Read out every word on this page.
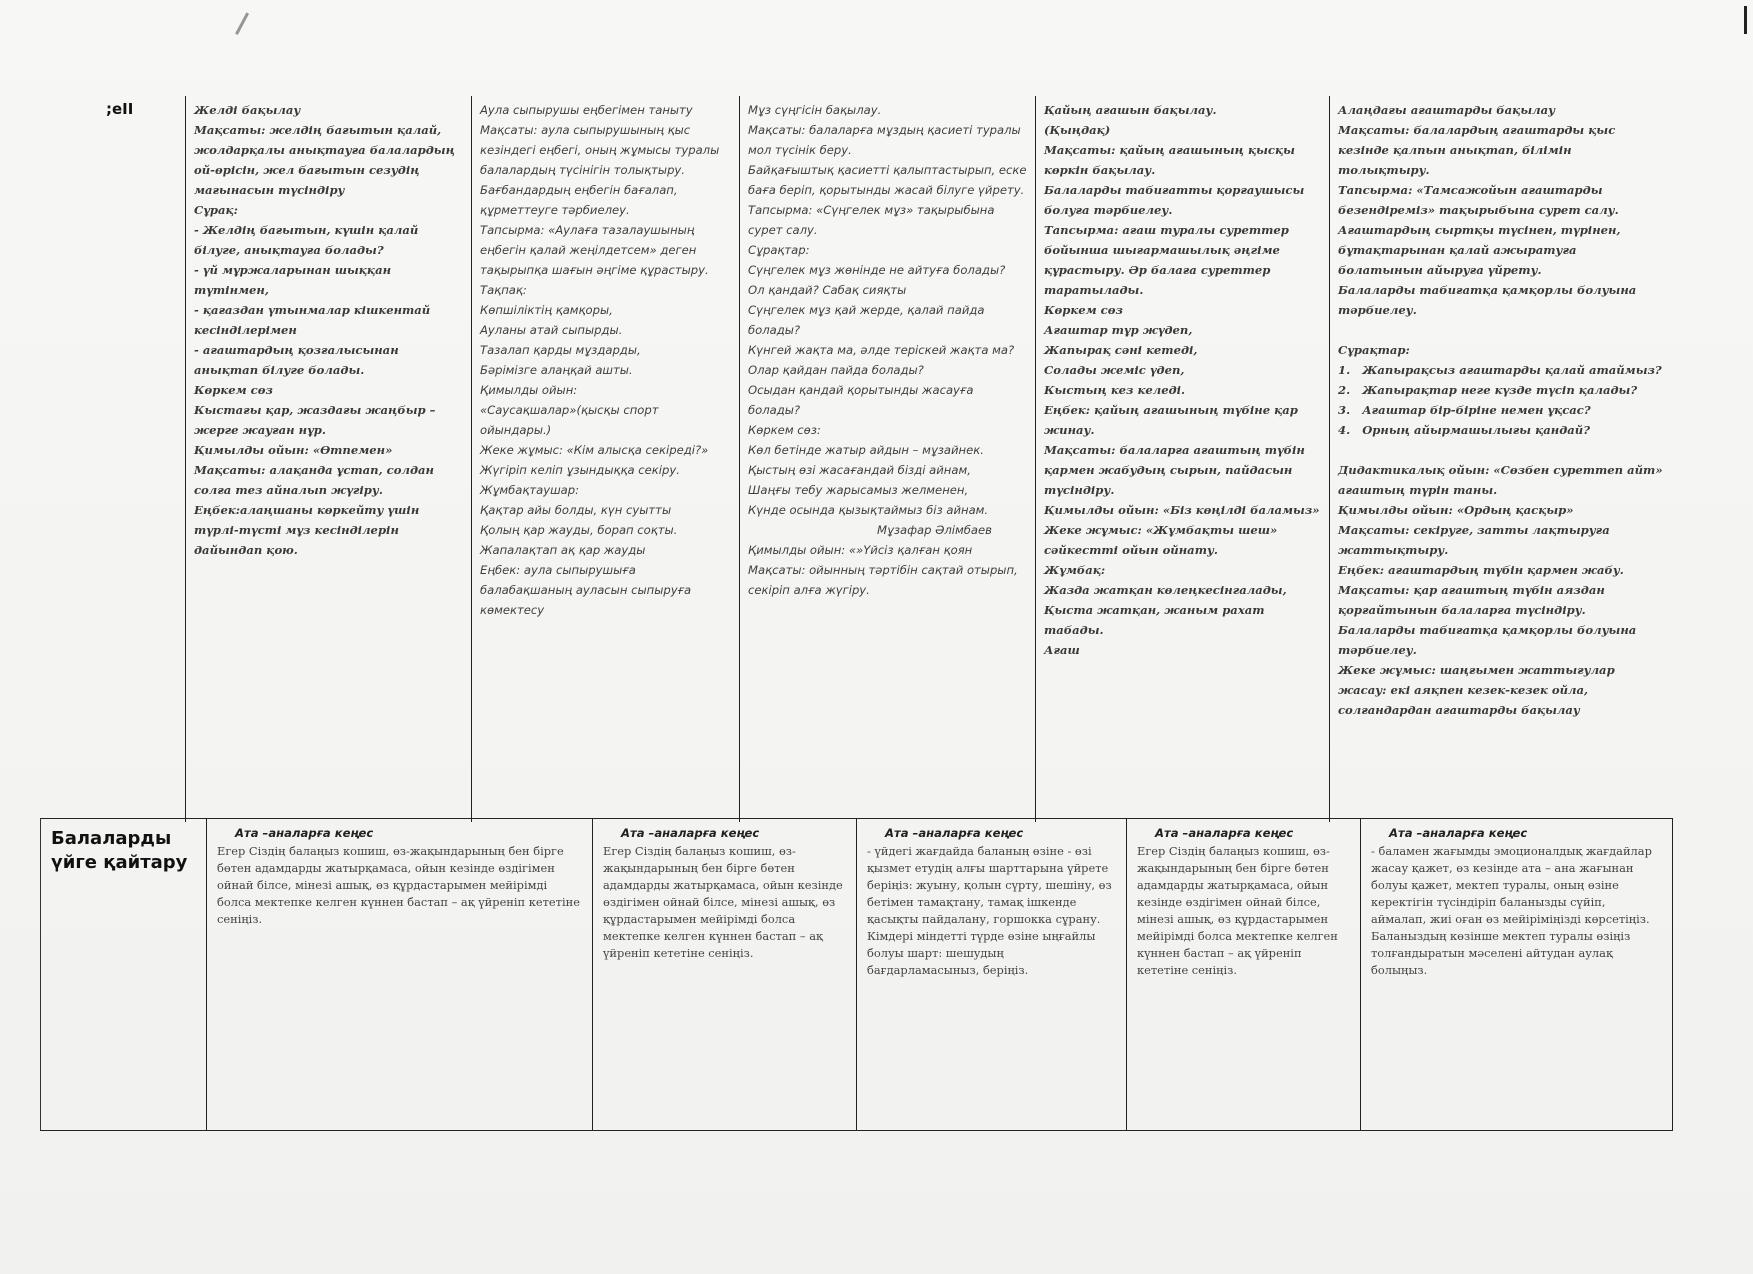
;eII	Желді бақылау
Мақсаты: желдің бағытын қалай, жолдарқалы анықтауға балалардың ой-өрісін, жел бағытын сезудің мағынасын түсіндіру
Сұрақ:
- Желдің бағытын, күшін қалай білуге, анықтауға болады?
- үй мұржаларынан шыққан түтінмен,
- қағаздан үтынмалар кішкентай кесінділерімен
- ағаштардың қозғалысынан анықтап білуге болады.
Көркем сөз
Кыстағы қар, жаздағы жаңбыр – жерге жауған нұр.
Қимылды ойын: «Өтпемен»
Мақсаты: алақанда ұстап, солдан солға тез айналып жүгіру.
Еңбек:алаңшаны көркейту үшін түрлі-түсті мұз кесінділерін дайындап қою.
Аула сыпырушы еңбегімен таныту
Мақсаты: аула сыпырушының қыс кезіндегі еңбегі, оның жұмысы туралы балалардың түсінігін толықтыру. Бағбандардың еңбегін бағалап, құрметтеуге тәрбиелеу.
Тапсырма: «Аулаға тазалаушының еңбегін қалай жеңілдетсем» деген тақырыпқа шағын әңгіме құрастыру.
Тақпақ:
Көпшіліктің қамқоры,
Ауланы атай сыпырды.
Тазалап қарды мұздарды,
Бәрімізге алаңқай ашты.
Қимылды ойын:
«Саусақшалар»(қысқы спорт ойындары.)
Жеке жұмыс: «Кім алысқа секіреді?» Жүгіріп келіп ұзындыққа секіру.
Жұмбақтаушар:
Қақтар айы болды, күн суытты
Қолың қар жауды, борап соқты.
Жапалақтап ақ қар жауды
Еңбек: аула сыпырушыға балабақшаның ауласын сыпыруға көмектесу
Мұз сүңгісін бақылау.
Мақсаты: балаларға мұздың қасиеті туралы мол түсінік беру.
Байқағыштық қасиетті қалыптастырып, еске бағa беріп, қорытынды жасай білуге үйрету.
Тапсырма: «Сүңгелек мұз» тақырыбына сурет салу.
Сұрақтар:
Сүңгелек мұз жөнінде не айтуға болады?
Ол қандай? Сабақ сияқты
Сүңгелек мұз қай жерде, қалай пайда болады?
Күнгей жақта ма, әлде теріскей жақта ма?
Олар қайдан пайда болады?
Осыдан қандай қорытынды жасауға болады?
Көркем сөз:
Көл бетінде жатыр айдын – мұзайнек.
Қыстың өзі жасағандай біздi айнам,
Шаңғы тебу жарысамыз желменен,
Күнде осында қызықтаймыз біз айнам.
Мұзафар Әлімбаев
Қимылды ойын: «»Үйсіз қалған қоян
Мақсаты: ойынның тәртібін сақтай отырып, секіріп алға жүгіру.
Қайың ағашын бақылау.
(Қыңдақ)
Мақсаты: қайың ағашының қысқы көркін бақылау.
Балаларды табиғатты қорғаушысы болуға тәрбиелеу.
Тапсырма: ағаш туралы суреттер бойынша шығармашылық әңгіме құрастыру. Әр балаға суреттер таратылады.
Көркем сөз
Ағаштар тұр жүдеп,
Жапырақ сәні кетеді,
Солады жеміс үдеп,
Кыстың кез келеді.
Еңбек: қайың ағашының түбіне қар жинау.
Мақсаты: балаларға ағаштың түбін қармен жабудың сырын, пайдасын түсіндіру.
Қимылды ойын: «Біз көңілді баламыз»
Жеке жұмыс: «Жұмбақты шеш» сәйкестті ойын ойнату.
Жұмбақ:
Жазда жатқан көлеңкесінгалады,
Қыста жатқан, жаным рахат табады.
Ағаш
Алаңдағы ағаштарды бақылау
Мақсаты: балалардың ағаштарды қыс кезінде қалпын анықтап, білімін толықтыру.
Тапсырма: «Тамсажойын ағаштарды безендіреміз» тақырыбына сурет салу.
Ағаштардың сыртқы түсінен, түрінен, бұтақтарынан қалай ажыратуға болатынын айыруға үйрету.
Балаларды табиғатқа қамқорлы болуына тәрбиелеу.

Сұрақтар:
1.   Жапырақсыз ағаштарды қалай атаймыз?
2.   Жапырақтар неге күзде түсіп қалады?
3.   Ағаштар бір-біріне немен ұқсас?
4.   Орның айырмашылығы қандай?

Дидактикалық ойын: «Сөзбен суреттеп айт» ағаштың түрін таны.
Қимылды ойын: «Ордың қасқыр»
Мақсаты: секіруге, затты лақтыруға жаттықтыру.
Еңбек: ағаштардың түбін қармен жабу.
Мақсаты: қар ағаштың түбін аяздан қорғайтынын балаларға түсіндіру.
Балаларды табиғатқа қамқорлы болуына тәрбиелеу.
Жеке жұмыс: шаңғымен жаттығулар жасау: екі аяқпен кезек-кезек ойла, солғандардан ағаштарды бақылау
Балаларды үйге қайтару
Ата –аналарға кеңес
Егер Сіздің балаңыз кошиш, өз-жақындарының бен бірге бөтен адамдарды жатырқамаса, ойын кезінде өздігімен ойнай білсе, мінезі ашық, өз құрдастарымен мейірімді болса мектепке келген күннен бастап – ақ үйреніп кететіне сеніңіз.
Ата –аналарға кеңес
Егер Сіздің балаңыз кошиш, өз-жақындарының бен бірге бөтен адамдарды жатырқамаса, ойын кезінде өздігімен ойнай білсе, мінезі ашық, өз құрдастарымен мейірімді болса мектепке келген күннен бастап – ақ үйреніп кететіне сеніңіз.
Ата –аналарға кеңес
- үйдегі жағдайда баланың өзіне - өзі қызмет етудің алғы шарттарына үйрете беріңіз: жуыну, қолын сүрту, шешіну, өз бетімен тамақтану, тамақ ішкенде қасықты пайдалану, горшокка сұрану. Кімдері міндетті түрде өзіне ыңғайлы болуы шарт: шешудың бағдарламасыныз, беріңіз.
Ата –аналарға кеңес
Егер Сіздің балаңыз кошиш, өз-жақындарының бен бірге бөтен адамдарды жатырқамаса, ойын кезінде өздігімен ойнай білсе, мінезі ашық, өз құрдастарымен мейірімді болса мектепке келген күннен бастап – ақ үйреніп кететіне сеніңіз.
Ата –аналарға кеңес
- баламен жағымды эмоционалдық жағдайлар жасау қажет, өз кезінде ата – ана жағынан болуы қажет, мектеп туралы, оның өзіне керектігін түсіндіріп баланызды сүйіп, аймалап, жиі оған өз мейіріміңізді көрсетіңіз. Баланыздың көзінше мектеп туралы өзіңіз толғандыратын мәселені айтудан аулақ болыңыз.
